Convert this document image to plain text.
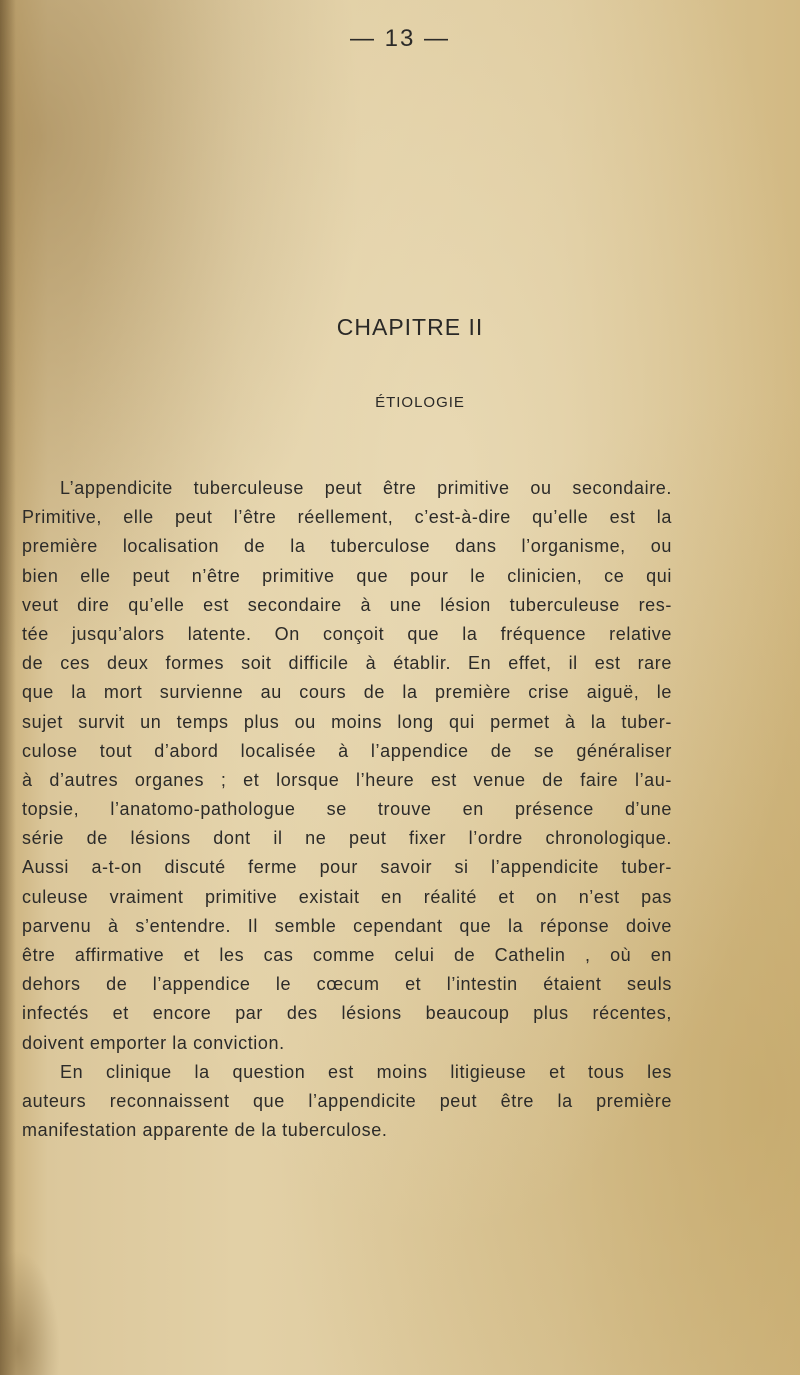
— 13 —
CHAPITRE II
ÉTIOLOGIE
L’appendicite tuberculeuse peut être primitive ou secondaire.
Primitive, elle peut l’être réellement, c’est-à-dire qu’elle est la
première localisation de la tuberculose dans l’organisme, ou
bien elle peut n’être primitive que pour le clinicien, ce qui
veut dire qu’elle est secondaire à une lésion tuberculeuse res-
tée jusqu’alors latente. On conçoit que la fréquence relative
de ces deux formes soit difficile à établir. En effet, il est rare
que la mort survienne au cours de la première crise aiguë, le
sujet survit un temps plus ou moins long qui permet à la tuber-
culose tout d’abord localisée à l’appendice de se généraliser
à d’autres organes ; et lorsque l’heure est venue de faire l’au-
topsie, l’anatomo-pathologue se trouve en présence d’une
série de lésions dont il ne peut fixer l’ordre chronologique.
Aussi a-t-on discuté ferme pour savoir si l’appendicite tuber-
culeuse vraiment primitive existait en réalité et on n’est pas
parvenu à s’entendre. Il semble cependant que la réponse doive
être affirmative et les cas comme celui de Cathelin , où en
dehors de l’appendice le cœcum et l’intestin étaient seuls
infectés et encore par des lésions beaucoup plus récentes,
doivent emporter la conviction.
En clinique la question est moins litigieuse et tous les
auteurs reconnaissent que l’appendicite peut être la première
manifestation apparente de la tuberculose.
